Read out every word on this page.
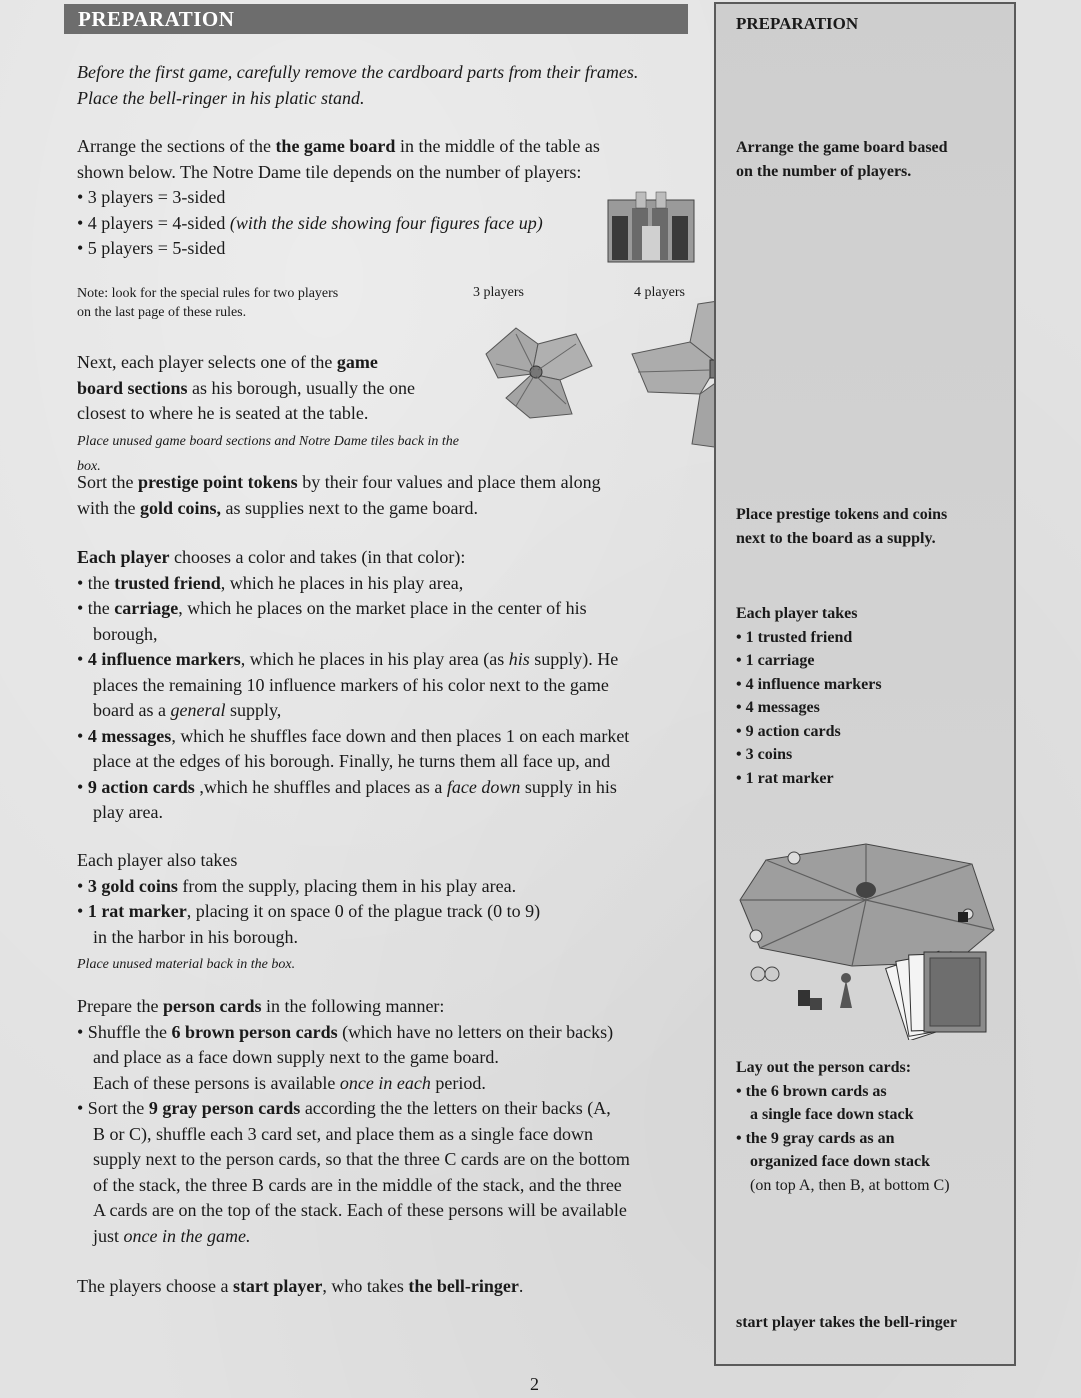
PREPARATION

Before the first game, carefully remove the cardboard parts from their frames.
Place the bell-ringer in his platic stand.

Arrange the sections of the the game board in the middle of the table as
shown below. The Notre Dame tile depends on the number of players:
• 3 players = 3-sided
• 4 players = 4-sided (with the side showing four figures face up)
• 5 players = 5-sided

Note: look for the special rules for two players
on the last page of these rules.

3 players	4 players

Next, each player selects one of the game
board sections as his borough, usually the one
closest to where he is seated at the table.
Place unused game board sections and Notre Dame tiles back in the box.

Sort the prestige point tokens by their four values and place them along
with the gold coins, as supplies next to the game board.

Each player chooses a color and takes (in that color):
• the trusted friend, which he places in his play area,
• the carriage, which he places on the market place in the center of his

borough,
• 4 influence markers, which he places in his play area (as his supply). He

places the remaining 10 influence markers of his color next to the game
board as a general supply,
• 4 messages, which he shuffles face down and then places 1 on each market

place at the edges of his borough. Finally, he turns them all face up, and
• 9 action cards ,which he shuffles and places as a face down supply in his

play area.

Each player also takes
• 3 gold coins from the supply, placing them in his play area.
• 1 rat marker, placing it on space 0 of the plague track (0 to 9)

in the harbor in his borough.
Place unused material back in the box.

Prepare the person cards in the following manner:
• Shuffle the 6 brown person cards (which have no letters on their backs)

and place as a face down supply next to the game board.
Each of these persons is available once in each period.
• Sort the 9 gray person cards according the the letters on their backs (A,

B or C), shuffle each 3 card set, and place them as a single face down
supply next to the person cards, so that the three C cards are on the bottom
of the stack, the three B cards are in the middle of the stack, and the three
A cards are on the top of the stack. Each of these persons will be available
just once in the game.

The players choose a start player, who takes the bell-ringer.

PREPARATION

Arrange the game board based
on the number of players.

Place prestige tokens and coins
next to the board as a supply.

Each player takes
• 1 trusted friend
• 1 carriage
• 4 influence markers
• 4 messages
• 9 action cards
• 3 coins
• 1 rat marker

Lay out the person cards:
• the 6 brown cards as

a single face down stack
• the 9 gray cards as an

organized face down stack
(on top A, then B, at bottom C)

start player takes the bell-ringer

2
